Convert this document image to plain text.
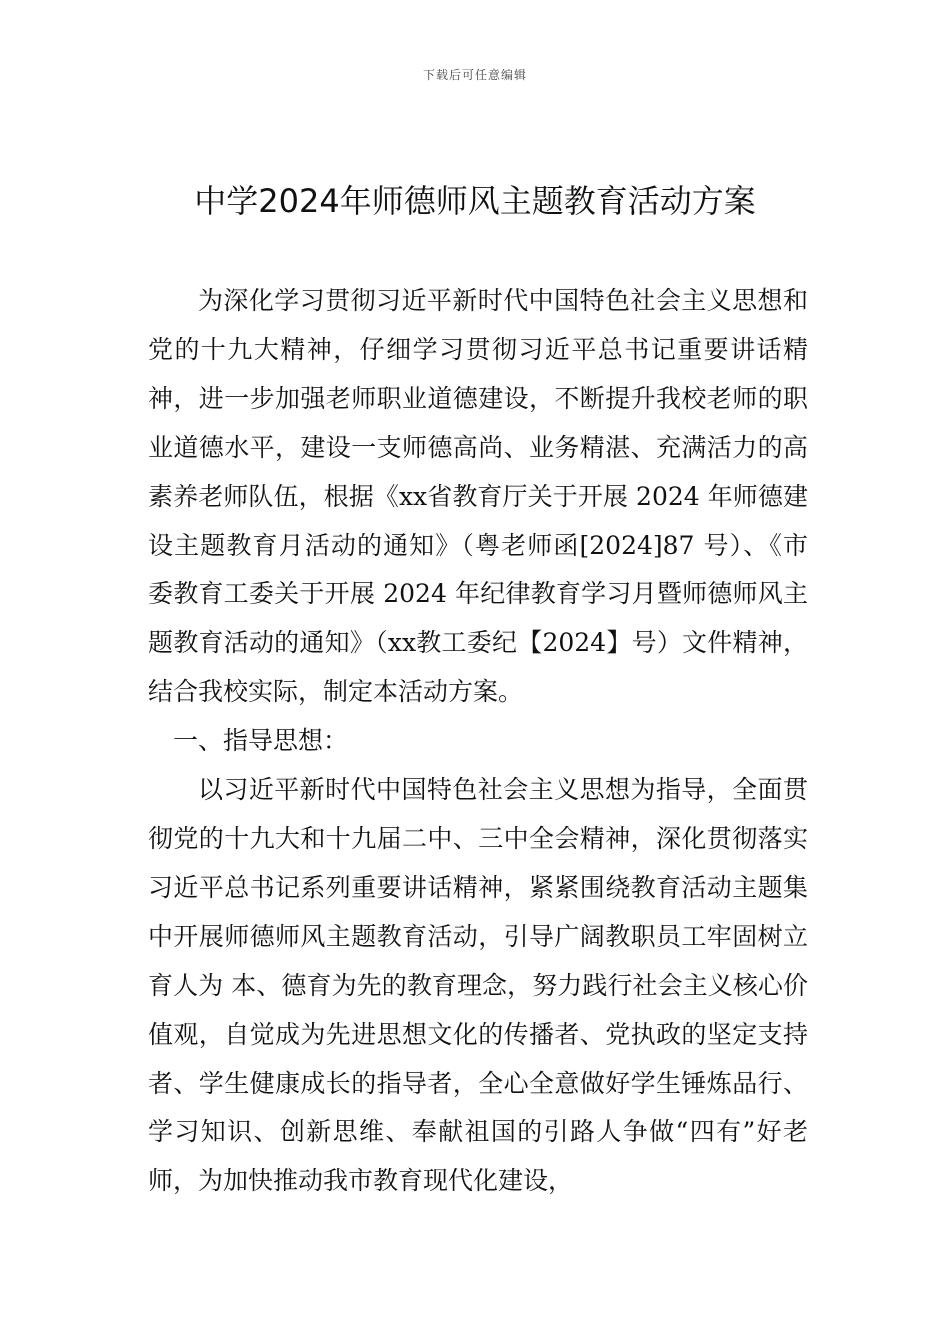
下载后可任意编辑
中学2024年师德师风主题教育活动方案

为深化学习贯彻习近平新时代中国特色社会主义思想和党的十九大精神，仔细学习贯彻习近平总书记重要讲话精神，进一步加强老师职业道德建设，不断提升我校老师的职业道德水平，建设一支师德高尚、业务精湛、充满活力的高素养老师队伍，根据《xx省教育厅关于开展 2024 年师德建设主题教育月活动的通知》（粤老师函[2024]87 号）、《市委教育工委关于开展 2024 年纪律教育学习月暨师德师风主题教育活动的通知》（xx教工委纪【2024】号）文件精神，结合我校实际，制定本活动方案。

一、指导思想：

以习近平新时代中国特色社会主义思想为指导，全面贯彻党的十九大和十九届二中、三中全会精神，深化贯彻落实习近平总书记系列重要讲话精神，紧紧围绕教育活动主题集中开展师德师风主题教育活动，引导广阔教职员工牢固树立育人为 本、德育为先的教育理念，努力践行社会主义核心价值观，自觉成为先进思想文化的传播者、党执政的坚定支持者、学生健康成长的指导者，全心全意做好学生锤炼品行、学习知识、创新思维、奉献祖国的引路人争做“四有”好老师，为加快推动我市教育现代化建设，
